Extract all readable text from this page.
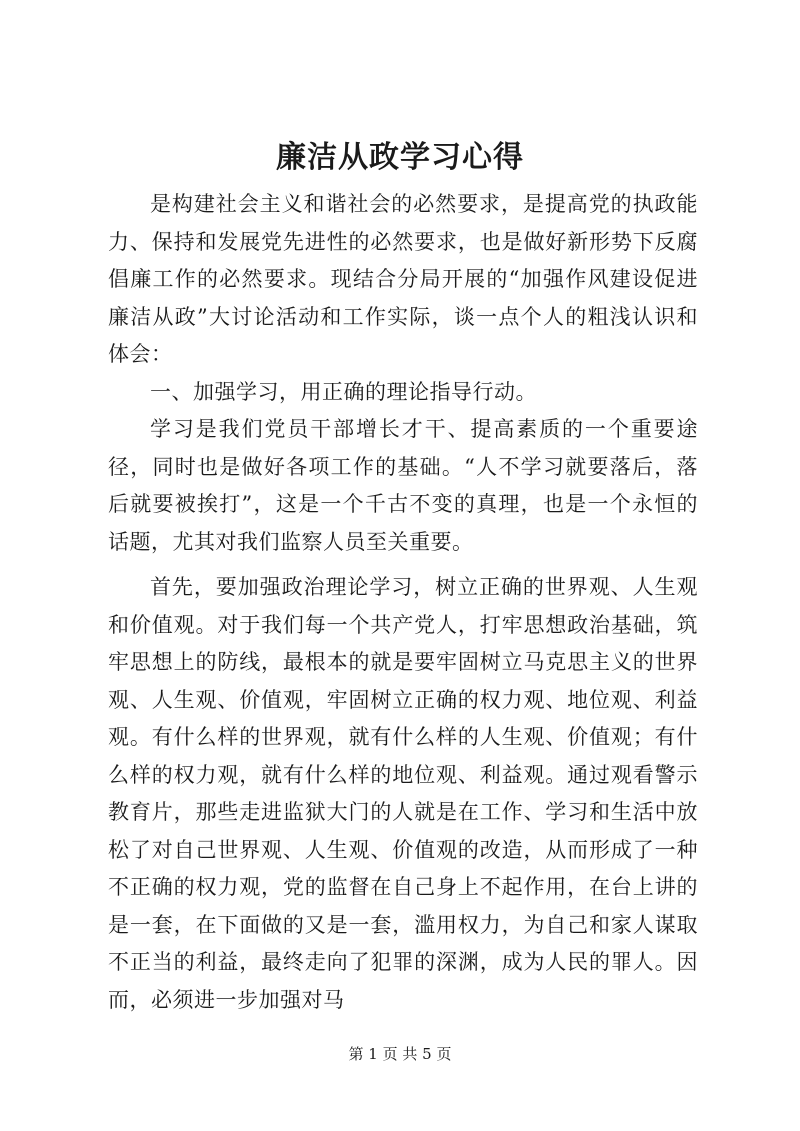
廉洁从政学习心得

是构建社会主义和谐社会的必然要求，是提高党的执政能力、保持和发展党先进性的必然要求，也是做好新形势下反腐倡廉工作的必然要求。现结合分局开展的“加强作风建设促进廉洁从政”大讨论活动和工作实际，谈一点个人的粗浅认识和体会：

一、加强学习，用正确的理论指导行动。

学习是我们党员干部增长才干、提高素质的一个重要途径，同时也是做好各项工作的基础。“人不学习就要落后，落后就要被挨打”，这是一个千古不变的真理，也是一个永恒的话题，尤其对我们监察人员至关重要。

首先，要加强政治理论学习，树立正确的世界观、人生观和价值观。对于我们每一个共产党人，打牢思想政治基础，筑牢思想上的防线，最根本的就是要牢固树立马克思主义的世界观、人生观、价值观，牢固树立正确的权力观、地位观、利益观。有什么样的世界观，就有什么样的人生观、价值观；有什么样的权力观，就有什么样的地位观、利益观。通过观看警示教育片，那些走进监狱大门的人就是在工作、学习和生活中放松了对自己世界观、人生观、价值观的改造，从而形成了一种不正确的权力观，党的监督在自己身上不起作用，在台上讲的是一套，在下面做的又是一套，滥用权力，为自己和家人谋取不正当的利益，最终走向了犯罪的深渊，成为人民的罪人。因而，必须进一步加强对马

第 1 页 共 5 页
